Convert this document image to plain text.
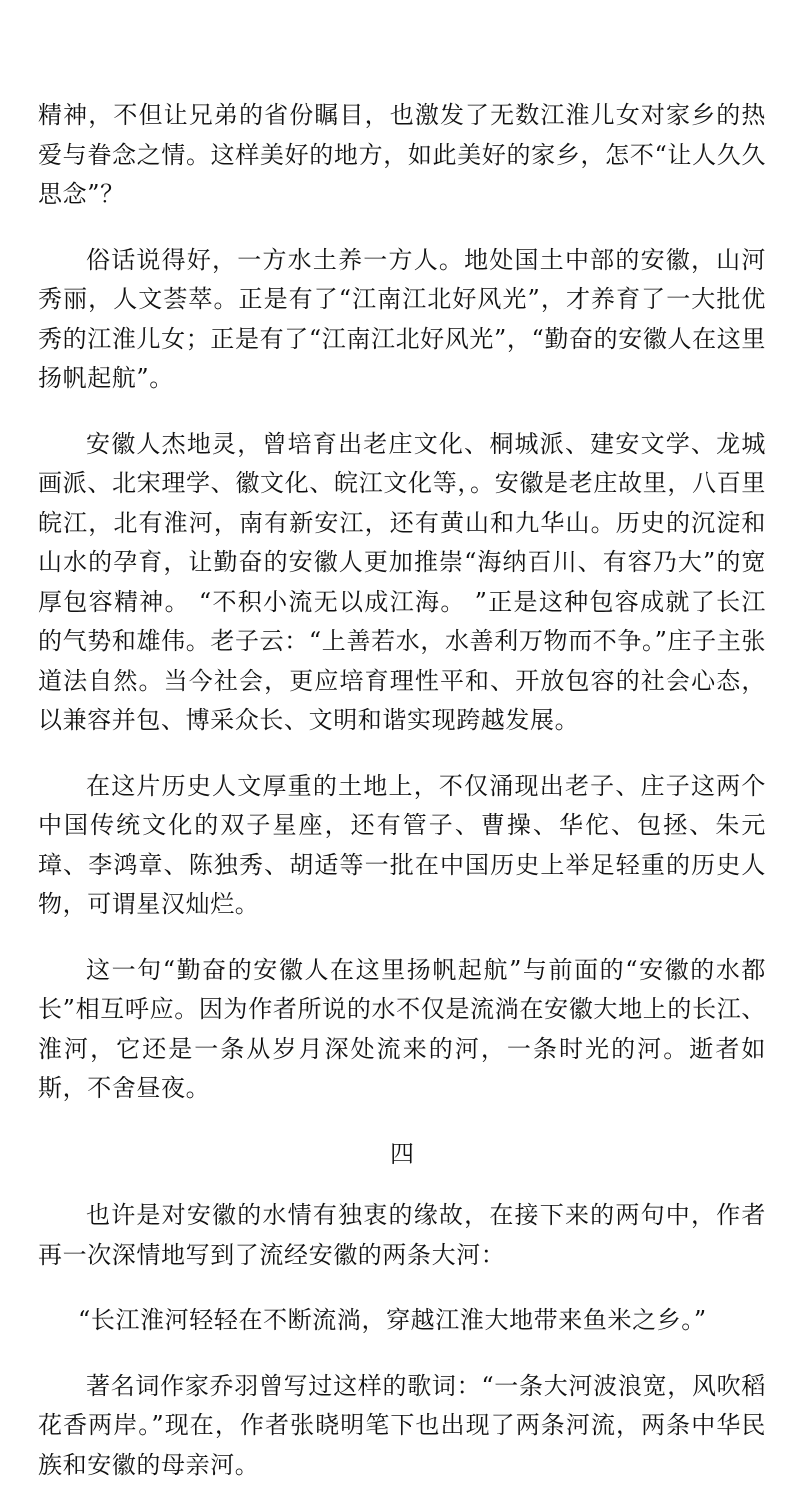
精神，不但让兄弟的省份瞩目，也激发了无数江淮儿女对家乡的热爱与眷念之情。这样美好的地方，如此美好的家乡，怎不“让人久久思念”？

俗话说得好，一方水土养一方人。地处国土中部的安徽，山河秀丽，人文荟萃。正是有了“江南江北好风光”，才养育了一大批优秀的江淮儿女；正是有了“江南江北好风光”，“勤奋的安徽人在这里扬帆起航”。

安徽人杰地灵，曾培育出老庄文化、桐城派、建安文学、龙城画派、北宋理学、徽文化、皖江文化等，。安徽是老庄故里，八百里皖江，北有淮河，南有新安江，还有黄山和九华山。历史的沉淀和山水的孕育，让勤奋的安徽人更加推崇“海纳百川、有容乃大”的宽厚包容精神。 “不积小流无以成江海。 ”正是这种包容成就了长江的气势和雄伟。老子云：“上善若水，水善利万物而不争。”庄子主张道法自然。当今社会，更应培育理性平和、开放包容的社会心态，以兼容并包、博采众长、文明和谐实现跨越发展。

在这片历史人文厚重的土地上，不仅涌现出老子、庄子这两个中国传统文化的双子星座，还有管子、曹操、华佗、包拯、朱元璋、李鸿章、陈独秀、胡适等一批在中国历史上举足轻重的历史人物，可谓星汉灿烂。

这一句“勤奋的安徽人在这里扬帆起航”与前面的“安徽的水都长”相互呼应。因为作者所说的水不仅是流淌在安徽大地上的长江、淮河，它还是一条从岁月深处流来的河，一条时光的河。逝者如斯，不舍昼夜。

四

也许是对安徽的水情有独衷的缘故，在接下来的两句中，作者再一次深情地写到了流经安徽的两条大河：

“长江淮河轻轻在不断流淌，穿越江淮大地带来鱼米之乡。”

著名词作家乔羽曾写过这样的歌词：“一条大河波浪宽，风吹稻花香两岸。”现在，作者张晓明笔下也出现了两条河流，两条中华民族和安徽的母亲河。
